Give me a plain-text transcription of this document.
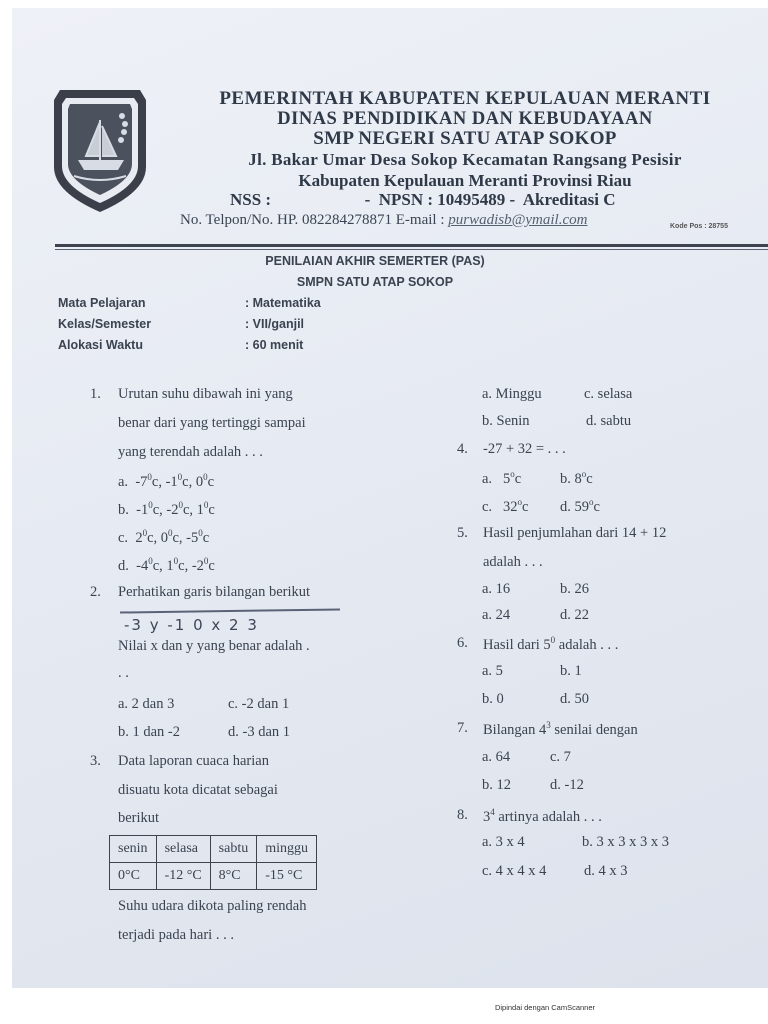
PEMERINTAH KABUPATEN KEPULAUAN MERANTI
DINAS PENDIDIKAN DAN KEBUDAYAAN
SMP NEGERI SATU ATAP SOKOP
Jl. Bakar Umar Desa Sokop Kecamatan Rangsang Pesisir
Kabupaten Kepulauan Meranti Provinsi Riau
NSS :                      -  NPSN : 10495489 -  Akreditasi C
No. Telpon/No. HP. 082284278871 E-mail : purwadisb@ymail.com	Kode Pos : 28755
PENILAIAN AKHIR SEMERTER (PAS)
SMPN SATU ATAP SOKOP
Mata Pelajaran	: Matematika
Kelas/Semester	: VII/ganjil
Alokasi Waktu	: 60 menit
1. Urutan suhu dibawah ini yang
benar dari yang tertinggi sampai
yang terendah adalah . . .
a.  $-7^0c$, $-1^0c$, $0^0c$
b.  $-1^0c$, $-2^0c$, $1^0c$
c.  $2^0c$, $0^0c$, $-5^0c$
d.  $-4^0c$, $1^0c$, $-2^0c$
2. Perhatikan garis bilangan berikut
-3 y -1 0 x 2 3
Nilai x dan y yang benar adalah .
. .
a. 2 dan 3	c. -2 dan 1
b. 1 dan -2	d. -3 dan 1
3. Data laporan cuaca harian
disuatu kota dicatat sebagai
berikut
senin	selasa	sabtu	minggu
0°C	-12 °C	8°C	-15 °C
Suhu udara dikota paling rendah
terjadi pada hari . . .
a. Minggu	c. selasa
b. Senin	d. sabtu
4. -27 + 32 = . . .
a.   5$^o$c	b. 8$^o$c
c.   32$^o$c d. 59$^o$c
5. Hasil penjumlahan dari 14 + 12
adalah . . .
a. 16	b. 26
a. 24	d. 22
6. Hasil dari $5^0$ adalah . . .
a. 5	b. 1
b. 0	d. 50
7. Bilangan $4^3$ senilai dengan
a. 64	c. 7
b. 12	d. -12
8. $3^4$ artinya adalah . . .
a. 3 x 4	b. 3 x 3 x 3 x 3
c. 4 x 4 x 4	d. 4 x 3
Dipindai dengan CamScanner
